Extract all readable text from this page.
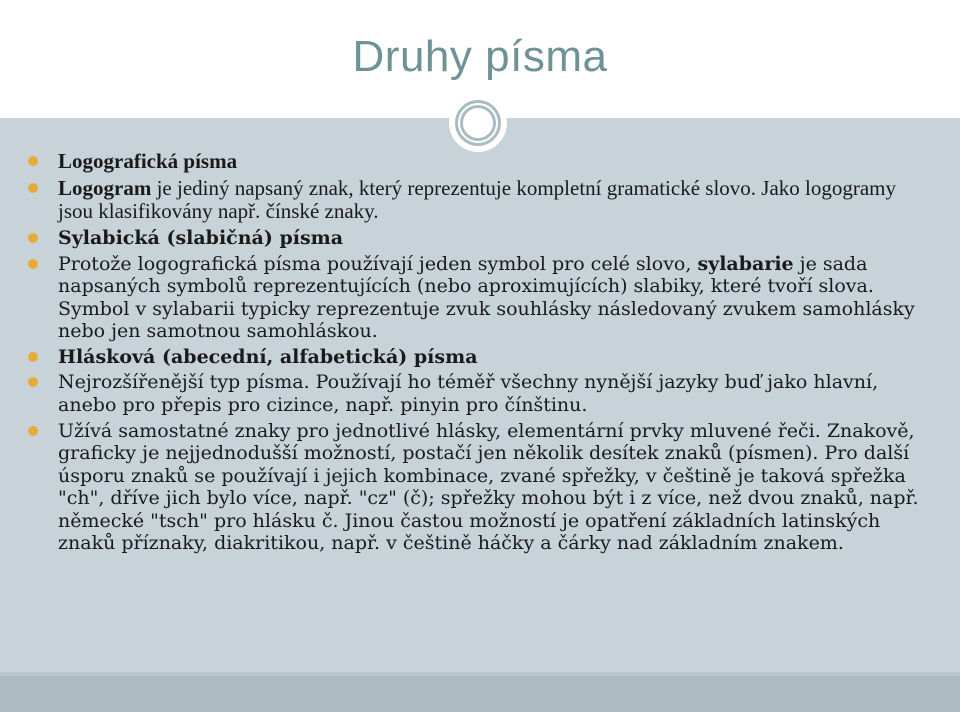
Druhy písma
Logografická písma
Logogram je jediný napsaný znak, který reprezentuje kompletní gramatické slovo. Jako logogramy jsou klasifikovány např. čínské znaky.
Sylabická (slabičná) písma
Protože logografická písma používají jeden symbol pro celé slovo, sylabarie je sada napsaných symbolů reprezentujících (nebo aproximujících) slabiky, které tvoří slova. Symbol v sylabarii typicky reprezentuje zvuk souhlásky následovaný zvukem samohlásky nebo jen samotnou samohláskou.
Hlásková (abecední, alfabetická) písma
Nejrozšířenější typ písma. Používají ho téměř všechny nynější jazyky buď jako hlavní, anebo pro přepis pro cizince, např. pinyin pro čínštinu.
Užívá samostatné znaky pro jednotlivé hlásky, elementární prvky mluvené řeči. Znakově, graficky je nejjednodušší možností, postačí jen několik desítek znaků (písmen). Pro další úsporu znaků se používají i jejich kombinace, zvané spřežky, v češtině je taková spřežka "ch", dříve jich bylo více, např. "cz" (č); spřežky mohou být i z více, než dvou znaků, např. německé "tsch" pro hlásku č. Jinou častou možností je opatření základních latinských znaků příznaky, diakritikou, např. v češtině háčky a čárky nad základním znakem.
